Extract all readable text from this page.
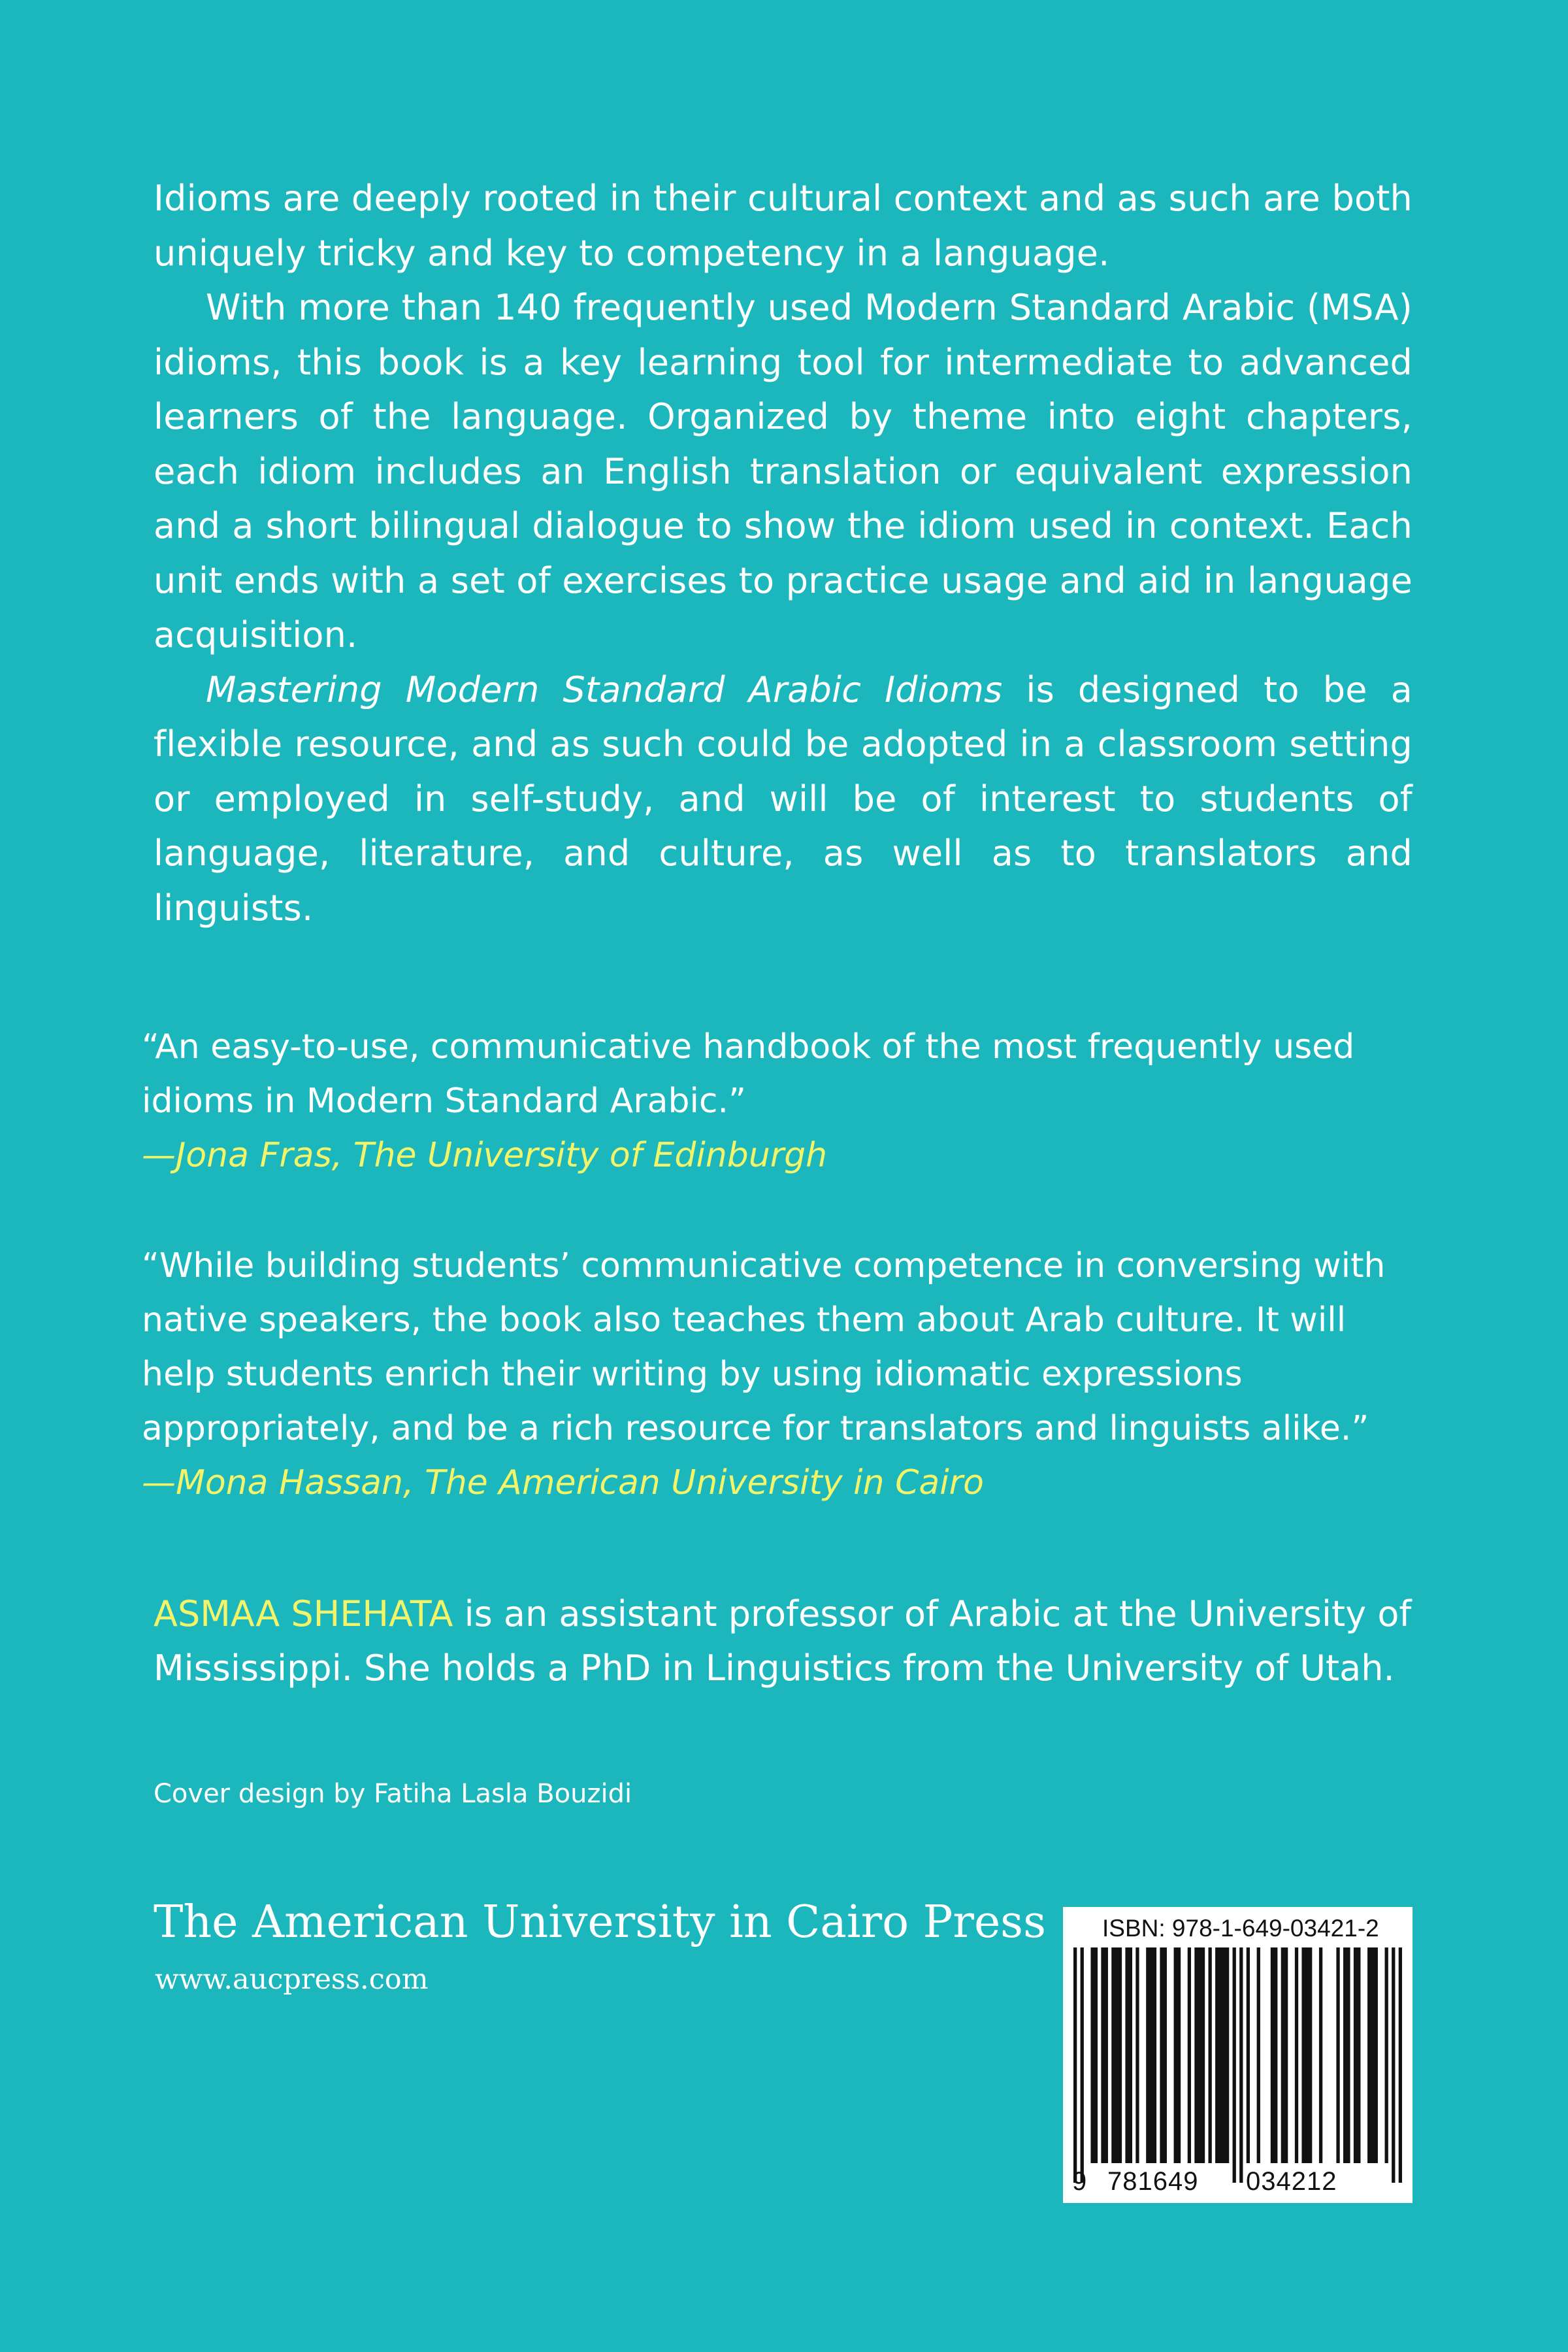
Idioms are deeply rooted in their cultural context and as such are both uniquely tricky and key to competency in a language.

With more than 140 frequently used Modern Standard Arabic (MSA) idioms, this book is a key learning tool for intermediate to advanced learners of the language. Organized by theme into eight chapters, each idiom includes an English translation or equivalent expression and a short bilingual dialogue to show the idiom used in context. Each unit ends with a set of exercises to practice usage and aid in language acquisition.

Mastering Modern Standard Arabic Idioms is designed to be a flexible resource, and as such could be adopted in a classroom setting or employed in self-study, and will be of interest to students of language, literature, and culture, as well as to translators and linguists.

“An easy-to-use, communicative handbook of the most frequently used idioms in Modern Standard Arabic.”

—Jona Fras, The University of Edinburgh

“While building students’ communicative competence in conversing with native speakers, the book also teaches them about Arab culture. It will help students enrich their writing by using idiomatic expressions appropriately, and be a rich resource for translators and linguists alike.”

—Mona Hassan, The American University in Cairo

ASMAA SHEHATA is an assistant professor of Arabic at the University of Mississippi. She holds a PhD in Linguistics from the University of Utah.

Cover design by Fatiha Lasla Bouzidi

The American University in Cairo Press

www.aucpress.com

ISBN: 978-1-649-03421-2
9 781649 034212
